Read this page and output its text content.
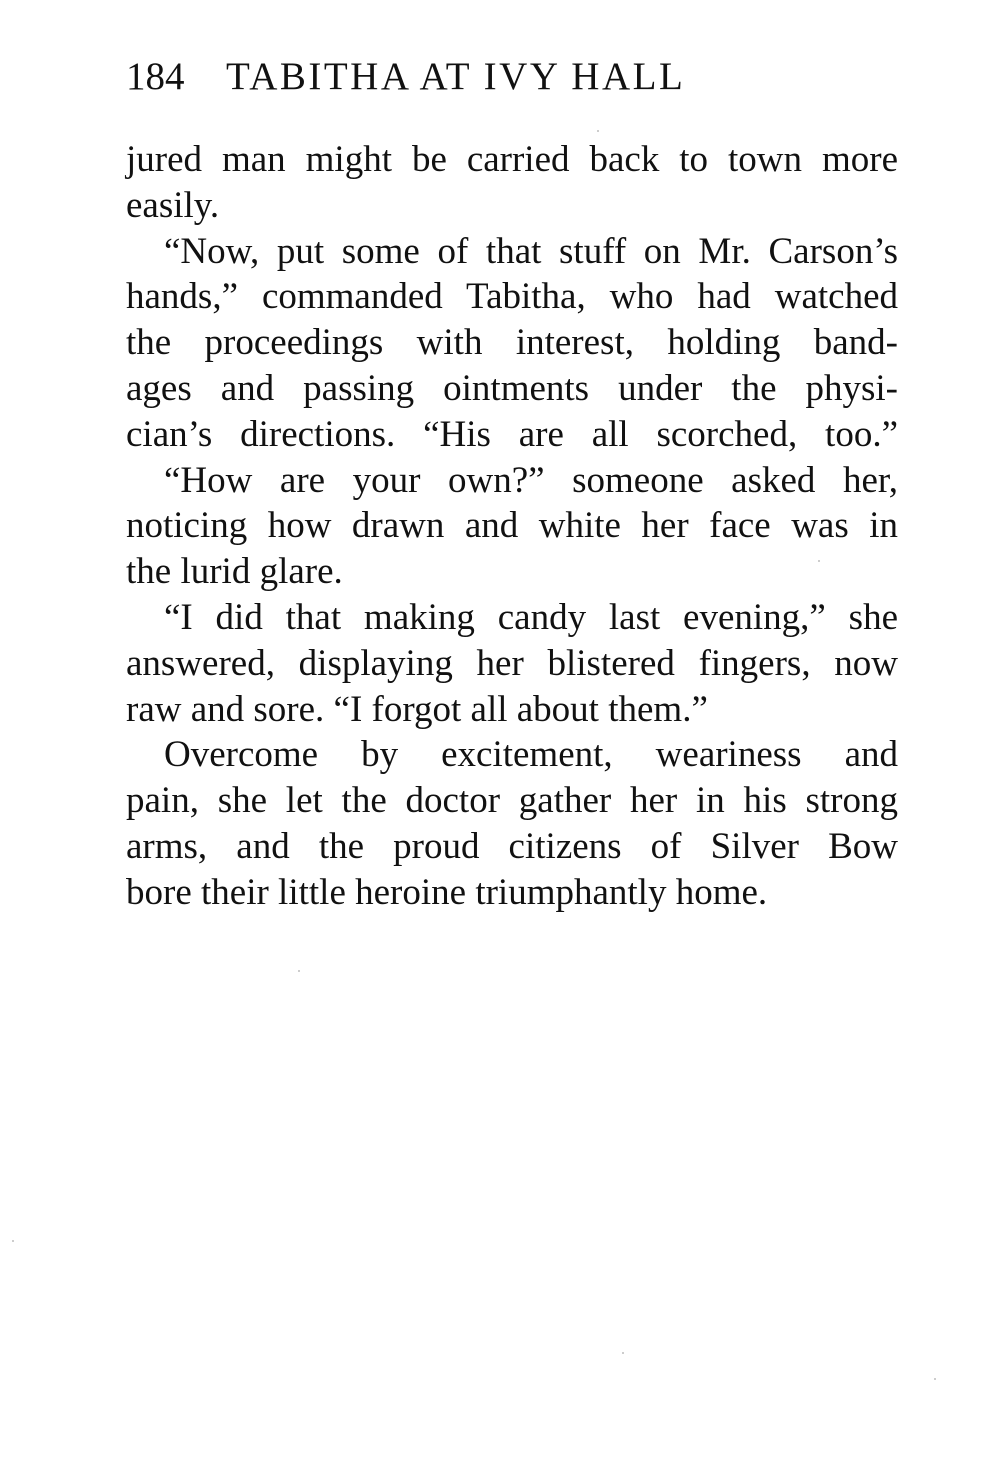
184 TABITHA AT IVY HALL
jured man might be carried back to town more
easily.
“Now, put some of that stuff on Mr. Carson’s
hands,” commanded Tabitha, who had watched
the proceedings with interest, holding band-
ages and passing ointments under the physi-
cian’s directions. “His are all scorched, too.”
“How are your own?” someone asked her,
noticing how drawn and white her face was in
the lurid glare.
“I did that making candy last evening,” she
answered, displaying her blistered fingers, now
raw and sore. “I forgot all about them.”
Overcome by excitement, weariness and
pain, she let the doctor gather her in his strong
arms, and the proud citizens of Silver Bow
bore their little heroine triumphantly home.
